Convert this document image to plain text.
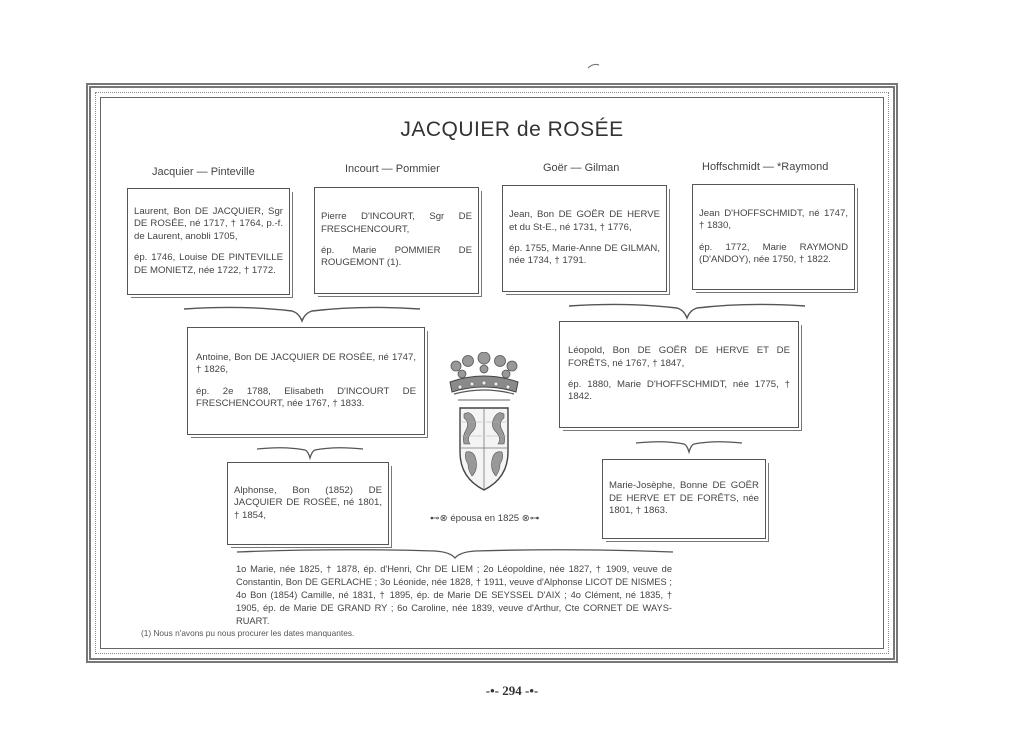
JACQUIER de ROSÉE
Jacquier — Pinteville	Incourt — Pommier	Goër — Gilman	Hoffschmidt — *Raymond

Laurent, Bon DE JACQUIER, Sgr DE ROSÉE, né 1717, † 1764, p.-f. de Laurent, anobli 1705,

ép. 1746, Louise DE PINTEVILLE DE MONIETZ, née 1722, † 1772.

Pierre D'INCOURT, Sgr DE FRESCHENCOURT,

ép. Marie POMMIER DE ROUGEMONT (1).

Jean, Bon DE GOËR DE HERVE et du St-E., né 1731, † 1776,

ép. 1755, Marie-Anne DE GILMAN, née 1734, † 1791.

Jean D'HOFFSCHMIDT, né 1747, † 1830,

ép. 1772, Marie RAYMOND (D'ANDOY), née 1750, † 1822.

Antoine, Bon DE JACQUIER DE ROSÉE, né 1747, † 1826,

ép. 2e 1788, Elisabeth D'INCOURT DE FRESCHENCOURT, née 1767, † 1833.

Léopold, Bon DE GOËR DE HERVE ET DE FORÊTS, né 1767, † 1847,

ép. 1880, Marie D'HOFFSCHMIDT, née 1775, † 1842.

Alphonse, Bon (1852) DE JACQUIER DE ROSÉE, né 1801, † 1854,

Marie-Josèphe, Bonne DE GOËR DE HERVE ET DE FORÊTS, née 1801, † 1863.

⊷⊗ épousa en 1825 ⊗⊶
1o Marie, née 1825, † 1878, ép. d'Henri, Chr DE LIEM ; 2o Léopoldine, née 1827, † 1909, veuve de Constantin, Bon DE GERLACHE ; 3o Léonide, née 1828, † 1911, veuve d'Alphonse LICOT DE NISMES ; 4o Bon (1854) Camille, né 1831, † 1895, ép. de Marie DE SEYSSEL D'AIX ; 4o Clément, né 1835, † 1905, ép. de Marie DE GRAND RY ; 6o Caroline, née 1839, veuve d'Arthur, Cte CORNET DE WAYS-RUART.
(1) Nous n'avons pu nous procurer les dates manquantes.
-•- 294 -•-
